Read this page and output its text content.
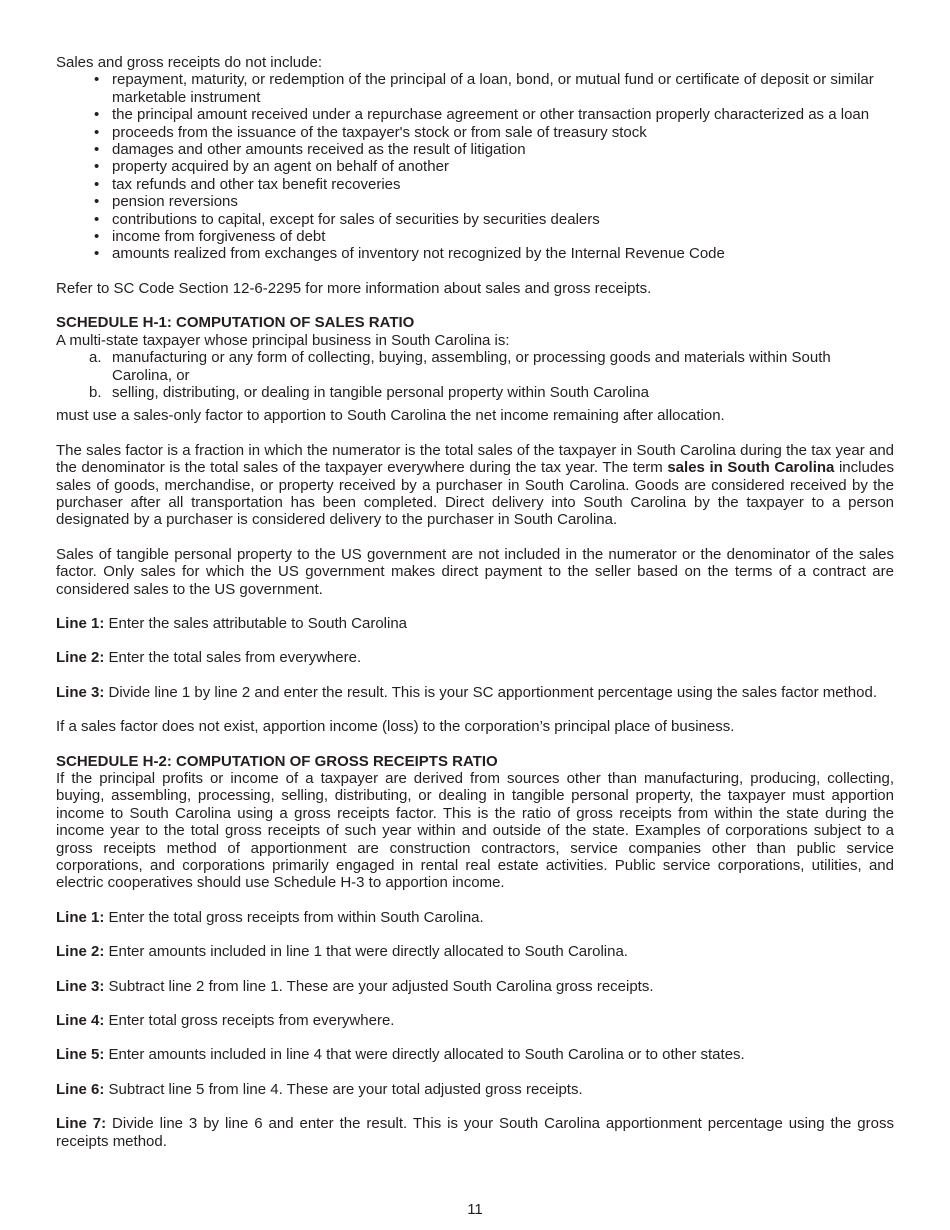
Sales and gross receipts do not include:

• repayment, maturity, or redemption of the principal of a loan, bond, or mutual fund or certificate of deposit or similar marketable instrument
• the principal amount received under a repurchase agreement or other transaction properly characterized as a loan
• proceeds from the issuance of the taxpayer's stock or from sale of treasury stock
• damages and other amounts received as the result of litigation
• property acquired by an agent on behalf of another
• tax refunds and other tax benefit recoveries
• pension reversions
• contributions to capital, except for sales of securities by securities dealers
• income from forgiveness of debt
• amounts realized from exchanges of inventory not recognized by the Internal Revenue Code

Refer to SC Code Section 12-6-2295 for more information about sales and gross receipts.

SCHEDULE H-1: COMPUTATION OF SALES RATIO

A multi-state taxpayer whose principal business in South Carolina is:

a. manufacturing or any form of collecting, buying, assembling, or processing goods and materials within South Carolina, or
b. selling, distributing, or dealing in tangible personal property within South Carolina

must use a sales-only factor to apportion to South Carolina the net income remaining after allocation.

The sales factor is a fraction in which the numerator is the total sales of the taxpayer in South Carolina during the tax year and the denominator is the total sales of the taxpayer everywhere during the tax year. The term sales in South Carolina includes sales of goods, merchandise, or property received by a purchaser in South Carolina. Goods are considered received by the purchaser after all transportation has been completed. Direct delivery into South Carolina by the taxpayer to a person designated by a purchaser is considered delivery to the purchaser in South Carolina.

Sales of tangible personal property to the US government are not included in the numerator or the denominator of the sales factor. Only sales for which the US government makes direct payment to the seller based on the terms of a contract are considered sales to the US government.

Line 1: Enter the sales attributable to South Carolina

Line 2: Enter the total sales from everywhere.

Line 3: Divide line 1 by line 2 and enter the result. This is your SC apportionment percentage using the sales factor method.

If a sales factor does not exist, apportion income (loss) to the corporation’s principal place of business.

SCHEDULE H-2: COMPUTATION OF GROSS RECEIPTS RATIO

If the principal profits or income of a taxpayer are derived from sources other than manufacturing, producing, collecting, buying, assembling, processing, selling, distributing, or dealing in tangible personal property, the taxpayer must apportion income to South Carolina using a gross receipts factor. This is the ratio of gross receipts from within the state during the income year to the total gross receipts of such year within and outside of the state. Examples of corporations subject to a gross receipts method of apportionment are construction contractors, service companies other than public service corporations, and corporations primarily engaged in rental real estate activities. Public service corporations, utilities, and electric cooperatives should use Schedule H-3 to apportion income.

Line 1: Enter the total gross receipts from within South Carolina.

Line 2: Enter amounts included in line 1 that were directly allocated to South Carolina.

Line 3: Subtract line 2 from line 1. These are your adjusted South Carolina gross receipts.

Line 4: Enter total gross receipts from everywhere.

Line 5: Enter amounts included in line 4 that were directly allocated to South Carolina or to other states.

Line 6: Subtract line 5 from line 4. These are your total adjusted gross receipts.

Line 7: Divide line 3 by line 6 and enter the result. This is your South Carolina apportionment percentage using the gross receipts method.

11
